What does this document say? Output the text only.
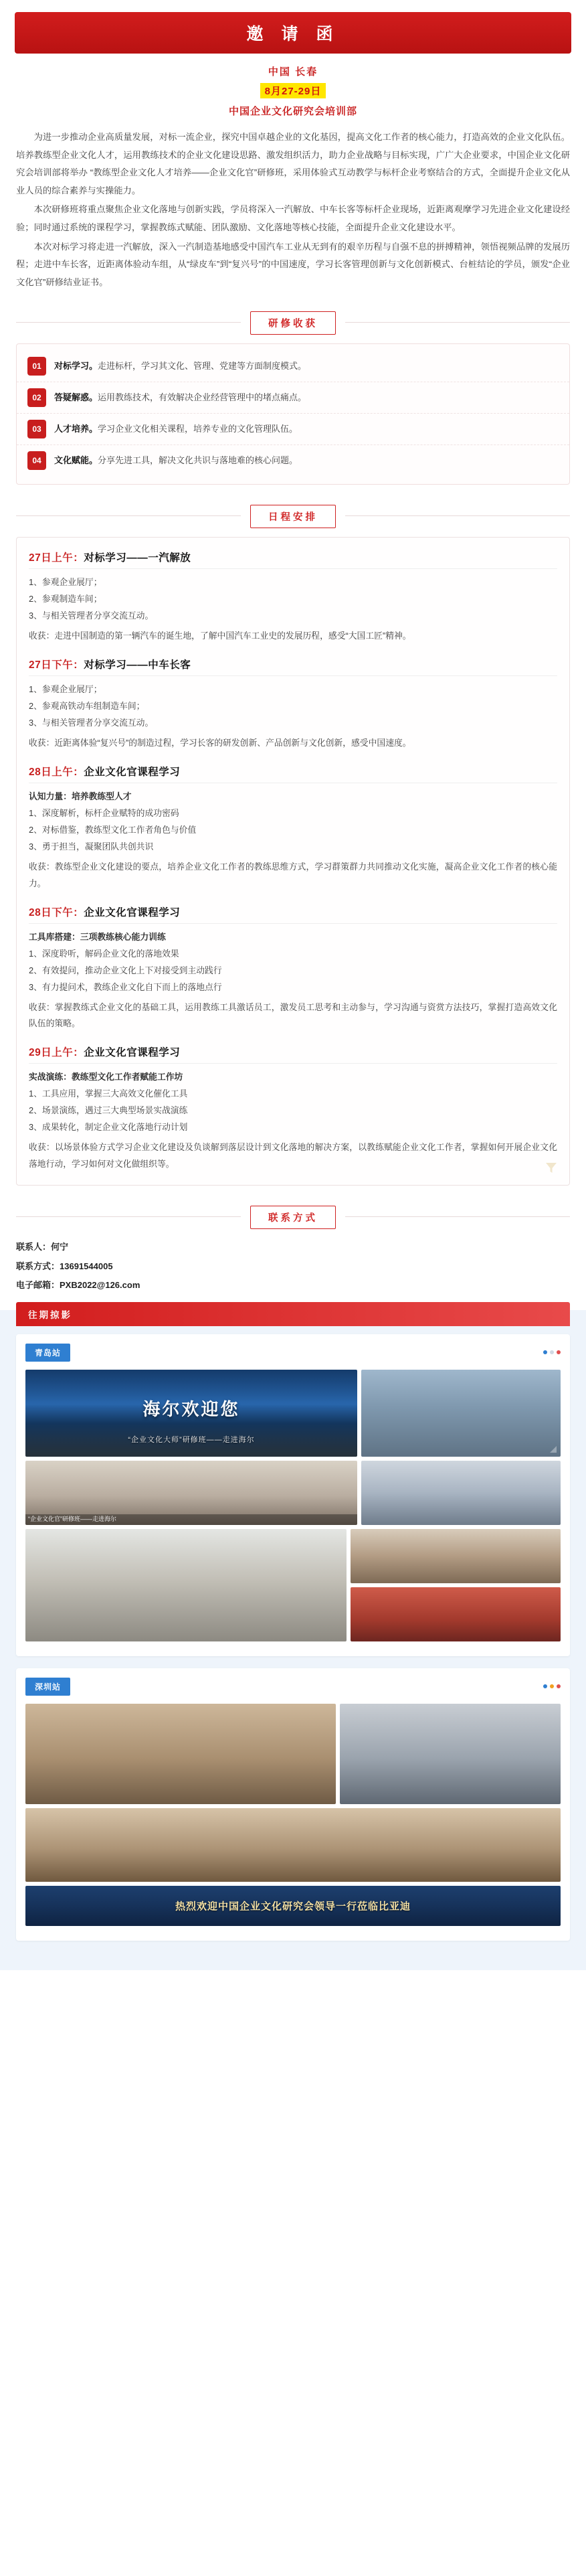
邀 请 函
中国 长春
8月27-29日
中国企业文化研究会培训部

为进一步推动企业高质量发展，对标一流企业，探究中国卓越企业的文化基因，提高文化工作者的核心能力，打造高效的企业文化队伍。培养教练型企业文化人才，运用教练技术的企业文化建设思路、激发组织活力，助力企业战略与目标实现，广广大企业要求，中国企业文化研究会培训部将举办 “教练型企业文化人才培养——企业文化官”研修班，采用体验式互动教学与标杆企业考察结合的方式，全面提升企业文化从业人员的综合素养与实操能力。

本次研修班将重点聚焦企业文化落地与创新实践，学员将深入一汽解放、中车长客等标杆企业现场，近距离观摩学习先进企业文化建设经验；同时通过系统的课程学习，掌握教练式赋能、团队激励、文化落地等核心技能，全面提升企业文化建设水平。

本次对标学习将走进一汽解放，深入一汽制造基地感受中国汽车工业从无到有的艰辛历程与自强不息的拼搏精神，领悟视频品牌的发展历程；走进中车长客，近距离体验动车组，从“绿皮车”到“复兴号”的中国速度，学习长客管理创新与文化创新模式、台桩结论的学员，颁发“企业文化官”研修结业证书。

研修收获
01	对标学习。走进标杆，学习其文化、管理、党建等方面制度模式。
02	答疑解惑。运用教练技术，有效解决企业经营管理中的堵点痛点。
03	人才培养。学习企业文化相关课程，培养专业的文化管理队伍。
04	文化赋能。分享先进工具，解决文化共识与落地难的核心问题。
日程安排
27日上午：对标学习——一汽解放
1、参观企业展厅；
2、参观制造车间；
3、与相关管理者分享交流互动。
收获：走进中国制造的第一辆汽车的诞生地，了解中国汽车工业史的发展历程，感受“大国工匠”精神。
27日下午：对标学习——中车长客
1、参观企业展厅；
2、参观高铁动车组制造车间；
3、与相关管理者分享交流互动。
收获：近距离体验“复兴号”的制造过程，学习长客的研发创新、产品创新与文化创新，感受中国速度。
28日上午：企业文化官课程学习
认知力量：培养教练型人才
1、深度解析，标杆企业赋特的成功密码
2、对标借鉴，教练型文化工作者角色与价值
3、勇于担当，凝聚团队共创共识
收获：教练型企业文化建设的要点，培养企业文化工作者的教练思维方式，学习群策群力共同推动文化实施，凝高企业文化工作者的核心能力。
28日下午：企业文化官课程学习
工具库搭建：三项教练核心能力训练
1、深度聆听，解码企业文化的落地效果
2、有效提问，推动企业文化上下对接受到主动践行
3、有力提问术，教练企业文化自下而上的落地点行
收获：掌握教练式企业文化的基础工具，运用教练工具激话员工，激发员工思考和主动参与，学习沟通与资赏方法技巧，掌握打造高效文化队伍的策略。
29日上午：企业文化官课程学习
实战演练：教练型文化工作者赋能工作坊
1、工具应用，掌握三大高效文化催化工具
2、场景演练，遇过三大典型场景实战演练
3、成果转化，制定企业文化落地行动计划
收获：以场景体验方式学习企业文化建设及负谈解到落层设计到文化落地的解决方案，以教练赋能企业文化工作者，掌握如何开展企业文化落地行动，学习如何对文化做组织等。
联系方式
联系人：何宁
联系方式：13691544005
电子邮箱：PXB2022@126.com
往期掠影
青岛站
海尔欢迎您
“企业文化大师”研修班——走进海尔
“企业文化官”研修班——走进海尔
深圳站
热烈欢迎中国企业文化研究会领导一行莅临比亚迪
